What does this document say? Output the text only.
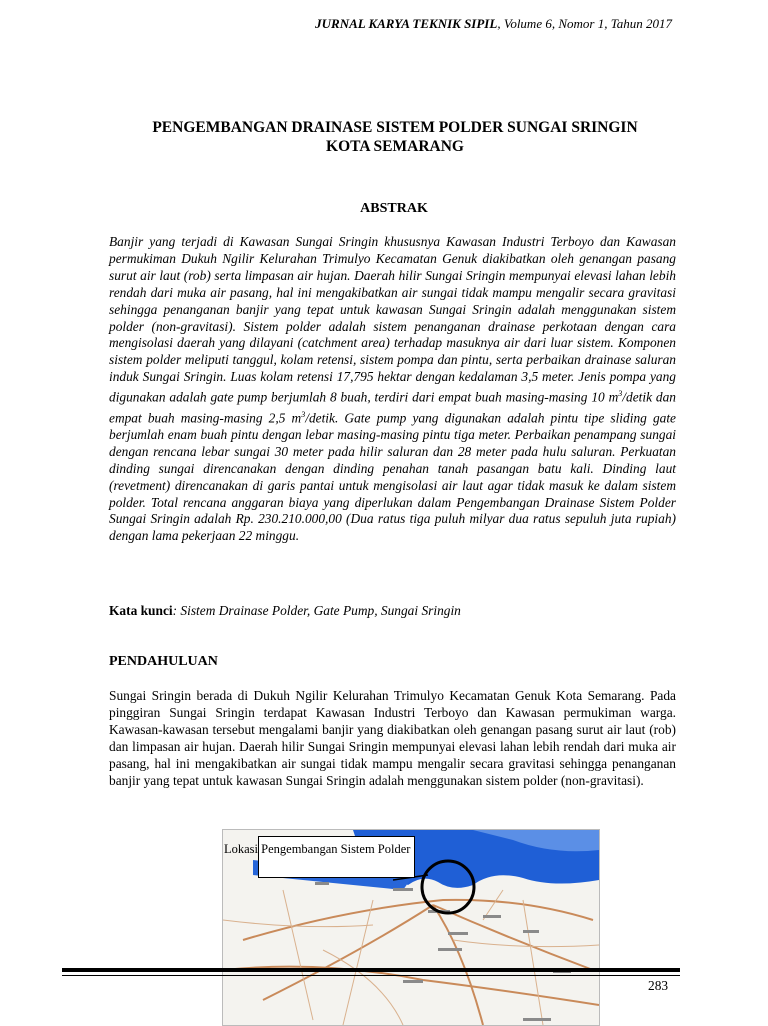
JURNAL KARYA TEKNIK SIPIL, Volume 6, Nomor 1, Tahun 2017
PENGEMBANGAN DRAINASE SISTEM POLDER SUNGAI SRINGIN
KOTA SEMARANG
ABSTRAK

Banjir yang terjadi di Kawasan Sungai Sringin khususnya Kawasan Industri Terboyo dan Kawasan permukiman Dukuh Ngilir Kelurahan Trimulyo Kecamatan Genuk diakibatkan oleh genangan pasang surut air laut (rob) serta limpasan air hujan. Daerah hilir Sungai Sringin mempunyai elevasi lahan lebih rendah dari muka air pasang, hal ini mengakibatkan air sungai tidak mampu mengalir secara gravitasi sehingga penanganan banjir yang tepat untuk kawasan Sungai Sringin adalah menggunakan sistem polder (non-gravitasi). Sistem polder adalah sistem penanganan drainase perkotaan dengan cara mengisolasi daerah yang dilayani (catchment area) terhadap masuknya air dari luar sistem. Komponen sistem polder meliputi tanggul, kolam retensi, sistem pompa dan pintu, serta perbaikan drainase saluran induk Sungai Sringin. Luas kolam retensi 17,795 hektar dengan kedalaman 3,5 meter. Jenis pompa yang digunakan adalah gate pump berjumlah 8 buah, terdiri dari empat buah masing-masing 10 $m^3$/detik dan empat buah masing-masing 2,5 $m^3$/detik. Gate pump yang digunakan adalah pintu tipe sliding gate berjumlah enam buah pintu dengan lebar masing-masing pintu tiga meter. Perbaikan penampang sungai dengan rencana lebar sungai 30 meter pada hilir saluran dan 28 meter pada hulu saluran. Perkuatan dinding sungai direncanakan dengan dinding penahan tanah pasangan batu kali. Dinding laut (revetment) direncanakan di garis pantai untuk mengisolasi air laut agar tidak masuk ke dalam sistem polder. Total rencana anggaran biaya yang diperlukan dalam Pengembangan Drainase Sistem Polder Sungai Sringin adalah Rp. 230.210.000,00 (Dua ratus tiga puluh milyar dua ratus sepuluh juta rupiah) dengan lama pekerjaan 22 minggu.

Kata kunci: Sistem Drainase Polder, Gate Pump, Sungai Sringin
PENDAHULUAN

Sungai Sringin berada di Dukuh Ngilir Kelurahan Trimulyo Kecamatan Genuk Kota Semarang. Pada pinggiran Sungai Sringin terdapat Kawasan Industri Terboyo dan Kawasan permukiman warga. Kawasan-kawasan tersebut mengalami banjir yang diakibatkan oleh genangan pasang surut air laut (rob) dan limpasan air hujan. Daerah hilir Sungai Sringin mempunyai elevasi lahan lebih rendah dari muka air pasang, hal ini mengakibatkan air sungai tidak mampu mengalir secara gravitasi sehingga penanganan banjir yang tepat untuk kawasan Sungai Sringin adalah menggunakan sistem polder (non-gravitasi).

Lokasi Pengembangan Sistem Polder
283
